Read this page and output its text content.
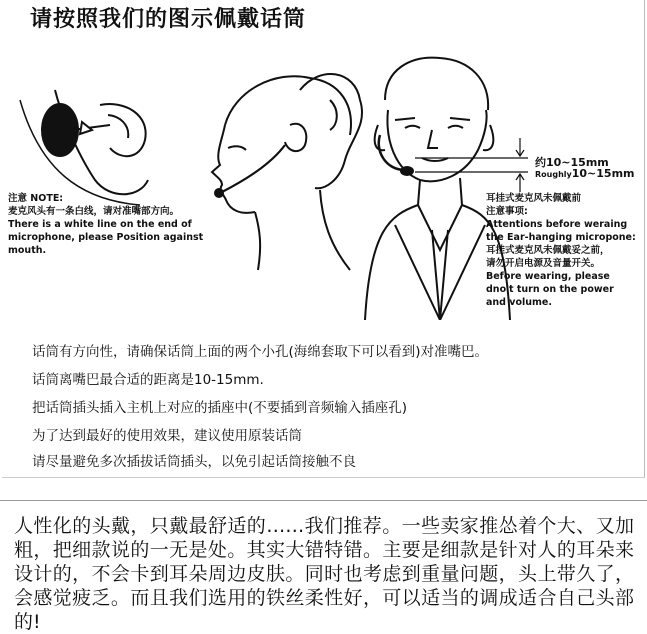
请按照我们的图示佩戴话筒
注意 NOTE:
麦克风头有一条白线，请对准嘴部方向。
There is a white line on the end of
microphone, please Position against
mouth.
约10~15mm
Roughly10~15mm
耳挂式麦克风未佩戴前
注意事项:
Attentions before weraing
the Ear-hanging micropone:
耳挂式麦克风未佩戴妥之前，
请勿开启电源及音量开关。
Before wearing, please
dno't turn on the power
and volume.
话筒有方向性，请确保话筒上面的两个小孔(海绵套取下可以看到)对准嘴巴。
话筒离嘴巴最合适的距离是10-15mm.
把话筒插头插入主机上对应的插座中(不要插到音频输入插座孔)
为了达到最好的使用效果，建议使用原装话筒
请尽量避免多次插拔话筒插头，以免引起话筒接触不良
人性化的头戴，只戴最舒适的……我们推荐。一些卖家推怂着个大、又加粗，把细款说的一无是处。其实大错特错。主要是细款是针对人的耳朵来设计的，不会卡到耳朵周边皮肤。同时也考虑到重量问题，头上带久了，会感觉疲乏。而且我们选用的铁丝柔性好，可以适当的调成适合自己头部的!
